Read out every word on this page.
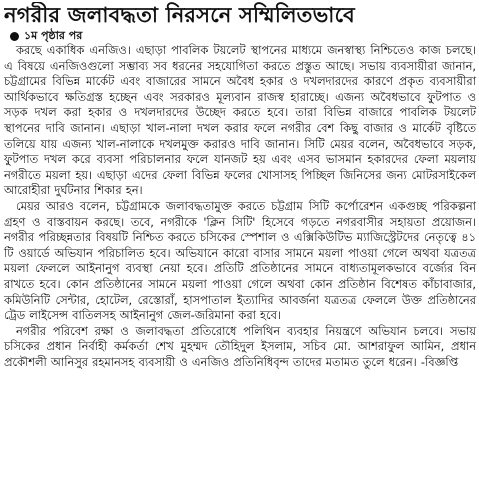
নগরীর জলাবদ্ধতা নিরসনে সম্মিলিতভাবে
১ম পৃষ্ঠার পর

করছে একাধিক এনজিও। এছাড়া পাবলিক টয়লেট স্থাপনের মাধ্যমে জনস্বাস্থ্য নিশ্চিতেও কাজ চলছে। এ বিষয়ে এনজিওগুলো সম্ভাব্য সব ধরনের সহযোগিতা করতে প্রস্তুত আছে। সভায় ব্যবসায়ীরা জানান, চট্টগ্রামের বিভিন্ন মার্কেট এবং বাজারের সামনে অবৈধ হকার ও দখলদারদের কারণে প্রকৃত ব্যবসায়ীরা আর্থিকভাবে ক্ষতিগ্রস্ত হচ্ছেন এবং সরকারও মূল্যবান রাজস্ব হারাচ্ছে। এজন্য অবৈধভাবে ফুটপাত ও সড়ক দখল করা হকার ও দখলদারদের উচ্ছেদ করতে হবে। তারা বিভিন্ন বাজারে পাবলিক টয়লেট স্থাপনের দাবি জানান। এছাড়া খাল-নালা দখল করার ফলে নগরীর বেশ কিছু বাজার ও মার্কেট বৃষ্টিতে তলিয়ে যায় এজন্য খাল-নালাকে দখলমুক্ত করারও দাবি জানান। সিটি মেয়র বলেন, অবৈধভাবে সড়ক, ফুটপাত দখল করে ব্যবসা পরিচালনার ফলে যানজট হয় এবং এসব ভাসমান হকারদের ফেলা ময়লায় নগরীতে ময়লা হয়। এছাড়া এদের ফেলা বিভিন্ন ফলের খোসাসহ পিচ্ছিল জিনিসের জন্য মোটরসাইকেল আরোহীরা দুর্ঘটনার শিকার হন।

মেয়র আরও বলেন, চট্টগ্রামকে জলাবদ্ধতামুক্ত করতে চট্টগ্রাম সিটি কর্পোরেশন একগুচ্ছ পরিকল্পনা গ্রহণ ও বাস্তবায়ন করছে। তবে, নগরীকে 'ক্লিন সিটি' হিসেবে গড়তে নগরবাসীর সহায়তা প্রয়োজন। নগরীর পরিচ্ছন্নতার বিষয়টি নিশ্চিত করতে চসিকের স্পেশাল ও এক্সিকিউটিভ ম্যাজিস্ট্রেটদের নেতৃত্বে ৪১ টি ওয়ার্ডে অভিযান পরিচালিত হবে। অভিযানে কারো বাসার সামনে ময়লা পাওয়া গেলে অথবা যত্রতত্র ময়লা ফেললে আইনানুগ ব্যবস্থা নেয়া হবে। প্রতিটি প্রতিষ্ঠানের সামনে বাধ্যতামূলকভাবে বর্জ্যের বিন রাখতে হবে। কোন প্রতিষ্ঠানের সামনে ময়লা পাওয়া গেলে অথবা কোন প্রতিষ্ঠান বিশেষত কাঁচাবাজার, কমিউনিটি সেন্টার, হোটেল, রেস্তোরাঁ, হাসপাতাল ইত্যাদির আবর্জনা যত্রতত্র ফেললে উক্ত প্রতিষ্ঠানের ট্রেড লাইসেন্স বাতিলসহ আইনানুগ জেল-জরিমানা করা হবে।

নগরীর পরিবেশ রক্ষা ও জলাবদ্ধতা প্রতিরোধে পলিথিন ব্যবহার নিয়ন্ত্রণে অভিযান চলবে। সভায় চসিকের প্রধান নির্বাহী কর্মকর্তা শেখ মুহম্মদ তৌহিদুল ইসলাম, সচিব মো. আশরাফুল আমিন, প্রধান প্রকৌশলী আনিসুর রহমানসহ ব্যবসায়ী ও এনজিও প্রতিনিধিবৃন্দ তাদের মতামত তুলে ধরেন। -বিজ্ঞপ্তি
